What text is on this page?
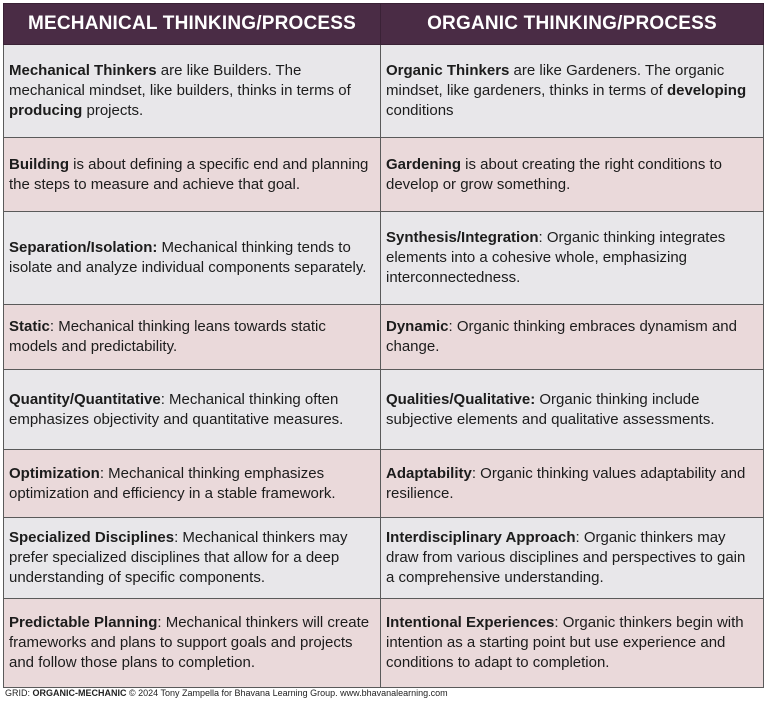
MECHANICAL THINKING/PROCESS	ORGANIC THINKING/PROCESS
Mechanical Thinkers are like Builders. The mechanical mindset, like builders, thinks in terms of producing projects.	Organic Thinkers are like Gardeners. The organic mindset, like gardeners, thinks in terms of developing conditions
Building is about defining a specific end and planning the steps to measure and achieve that goal.	Gardening is about creating the right conditions to develop or grow something.
Separation/Isolation: Mechanical thinking tends to isolate and analyze individual components separately.	Synthesis/Integration: Organic thinking integrates elements into a cohesive whole, emphasizing interconnectedness.
Static: Mechanical thinking leans towards static models and predictability.	Dynamic: Organic thinking embraces dynamism and change.
Quantity/Quantitative: Mechanical thinking often emphasizes objectivity and quantitative measures.	Qualities/Qualitative: Organic thinking include subjective elements and qualitative assessments.
Optimization: Mechanical thinking emphasizes optimization and efficiency in a stable framework.	Adaptability: Organic thinking values adaptability and resilience.
Specialized Disciplines: Mechanical thinkers may prefer specialized disciplines that allow for a deep understanding of specific components.	Interdisciplinary Approach: Organic thinkers may draw from various disciplines and perspectives to gain a comprehensive understanding.
Predictable Planning: Mechanical thinkers will create frameworks and plans to support goals and projects and follow those plans to completion.	Intentional Experiences: Organic thinkers begin with intention as a starting point but use experience and conditions to adapt to completion.
GRID: ORGANIC-MECHANIC © 2024 Tony Zampella for Bhavana Learning Group. www.bhavanalearning.com
